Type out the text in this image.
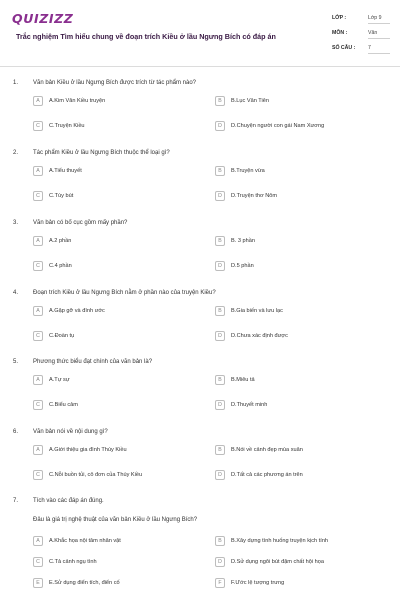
QUIZIZZ
Trắc nghiệm Tìm hiểu chung về đoạn trích Kiều ở lầu Ngưng Bích có đáp án
LỚP :	Lớp 9
MÔN :	Văn
SỐ CÂU : 7
1. Văn bản Kiều ở lầu Ngưng Bích được trích từ tác phẩm nào?
A	A.Kim Vân Kiều truyện	B	B.Lục Vân Tiên
C	C.Truyện Kiều	D	D.Chuyện người con gái Nam Xương
2. Tác phẩm Kiều ở lầu Ngưng Bích thuộc thể loại gì?
A	A.Tiểu thuyết	B	B.Truyện vừa
C	C.Tùy bút	D	D.Truyện thơ Nôm
3. Văn bản có bố cục gồm mấy phần?
A	A.2 phần	B	B. 3 phần
C	C.4 phần	D	D.5 phần
4. Đoạn trích Kiều ở lầu Ngưng Bích nằm ở phần nào của truyện Kiều?
A	A.Gặp gỡ và đính ước	B	B.Gia biến và lưu lạc
C	C.Đoàn tụ	D	D.Chưa xác định được
5. Phương thức biểu đạt chính của văn bản là?
A	A.Tự sự	B	B.Miêu tả
C	C.Biểu cảm	D	D.Thuyết minh
6. Văn bản nói về nội dung gì?
A	A.Giới thiệu gia đình Thúy Kiều	B	B.Nói về cảnh đẹp mùa xuân
C	C.Nỗi buồn tủi, cô đơn của Thúy Kiều	D	D.Tất cả các phương án trên
7. Tích vào các đáp án đúng.
Đâu là giá trị nghệ thuật của văn bản Kiều ở lầu Ngưng Bích?
A	A.Khắc họa nội tâm nhân vật	B	B.Xây dựng tình huống truyện kịch tính
C	C.Tả cảnh ngụ tình	D	D.Sử dụng ngôi bút đậm chất hội họa
E	E.Sử dụng điển tích, điển cố	F	F.Ước lệ tượng trưng
